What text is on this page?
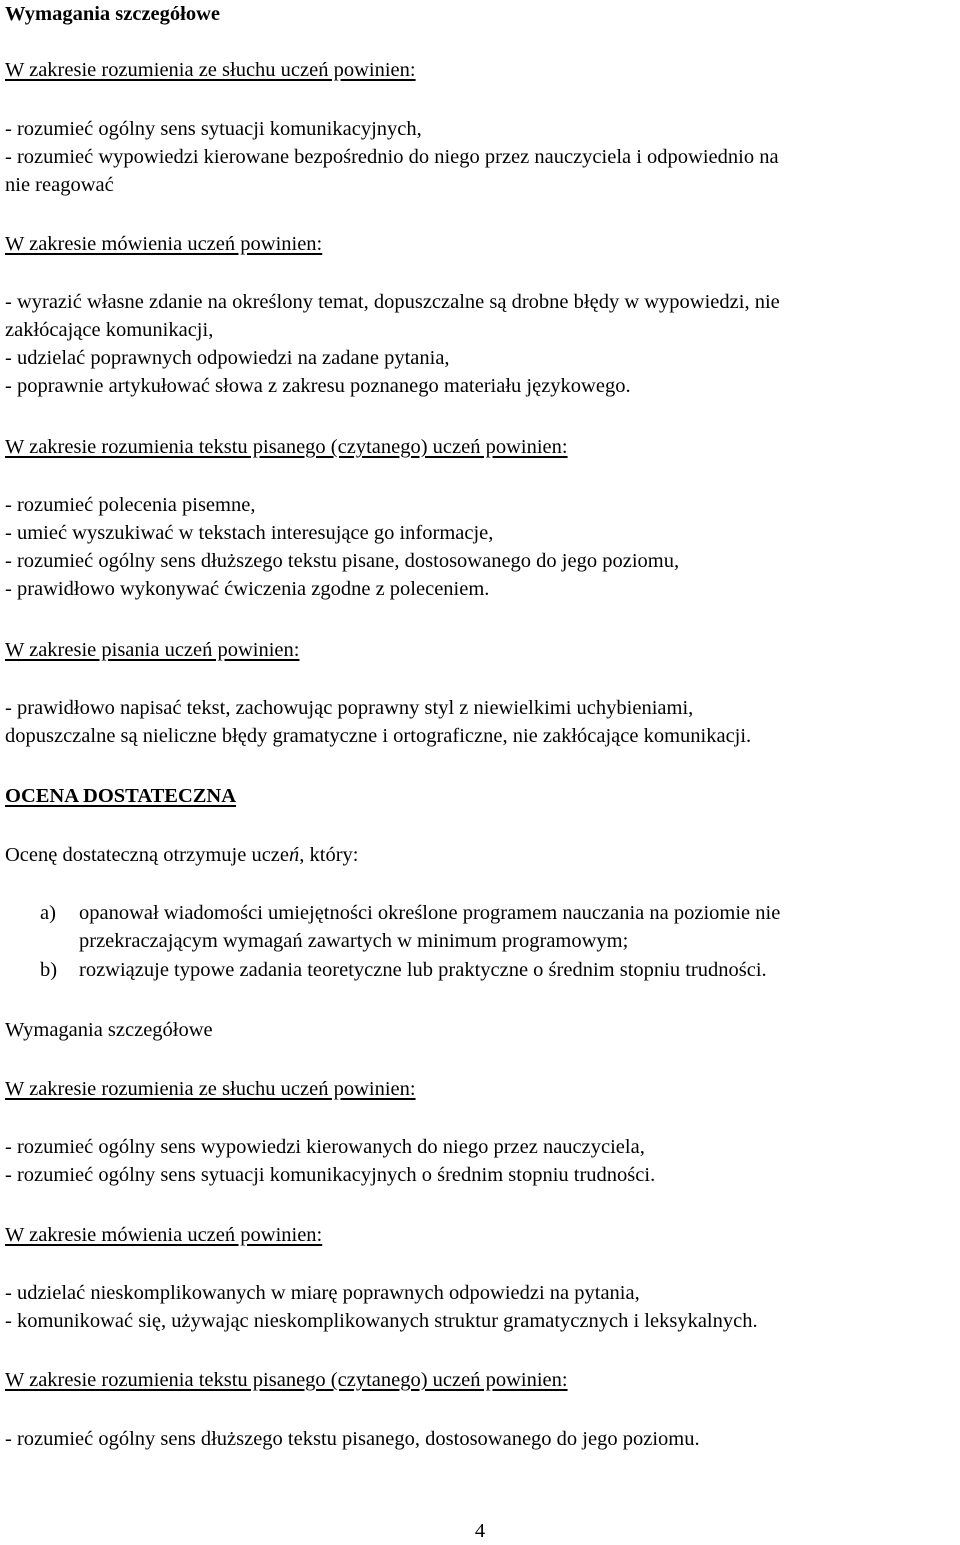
Wymagania szczegółowe
W zakresie rozumienia ze słuchu uczeń powinien:
- rozumieć ogólny sens sytuacji komunikacyjnych,
- rozumieć wypowiedzi kierowane bezpośrednio do niego przez nauczyciela i odpowiednio na
nie reagować
W zakresie mówienia uczeń powinien:
- wyrazić własne zdanie na określony temat, dopuszczalne są drobne błędy w wypowiedzi, nie
zakłócające komunikacji,
- udzielać poprawnych odpowiedzi na zadane pytania,
- poprawnie artykułować słowa z zakresu poznanego materiału językowego.
W zakresie rozumienia tekstu pisanego (czytanego) uczeń powinien:
- rozumieć polecenia pisemne,
- umieć wyszukiwać w tekstach interesujące go informacje,
- rozumieć ogólny sens dłuższego tekstu pisane, dostosowanego do jego poziomu,
- prawidłowo wykonywać ćwiczenia zgodne z poleceniem.
W zakresie pisania uczeń powinien:
- prawidłowo napisać tekst, zachowując poprawny styl z niewielkimi uchybieniami,
dopuszczalne są nieliczne błędy gramatyczne i ortograficzne, nie zakłócające komunikacji.
OCENA DOSTATECZNA
Ocenę dostateczną otrzymuje uczeń, który:
a) opanował wiadomości umiejętności określone programem nauczania na poziomie nie
przekraczającym wymagań zawartych w minimum programowym;
b) rozwiązuje typowe zadania teoretyczne lub praktyczne o średnim stopniu trudności.
Wymagania szczegółowe
W zakresie rozumienia ze słuchu uczeń powinien:
- rozumieć ogólny sens wypowiedzi kierowanych do niego przez nauczyciela,
- rozumieć ogólny sens sytuacji komunikacyjnych o średnim stopniu trudności.
W zakresie mówienia uczeń powinien:
- udzielać nieskomplikowanych w miarę poprawnych odpowiedzi na pytania,
- komunikować się, używając nieskomplikowanych struktur gramatycznych i leksykalnych.
W zakresie rozumienia tekstu pisanego (czytanego) uczeń powinien:
- rozumieć ogólny sens dłuższego tekstu pisanego, dostosowanego do jego poziomu.
4
